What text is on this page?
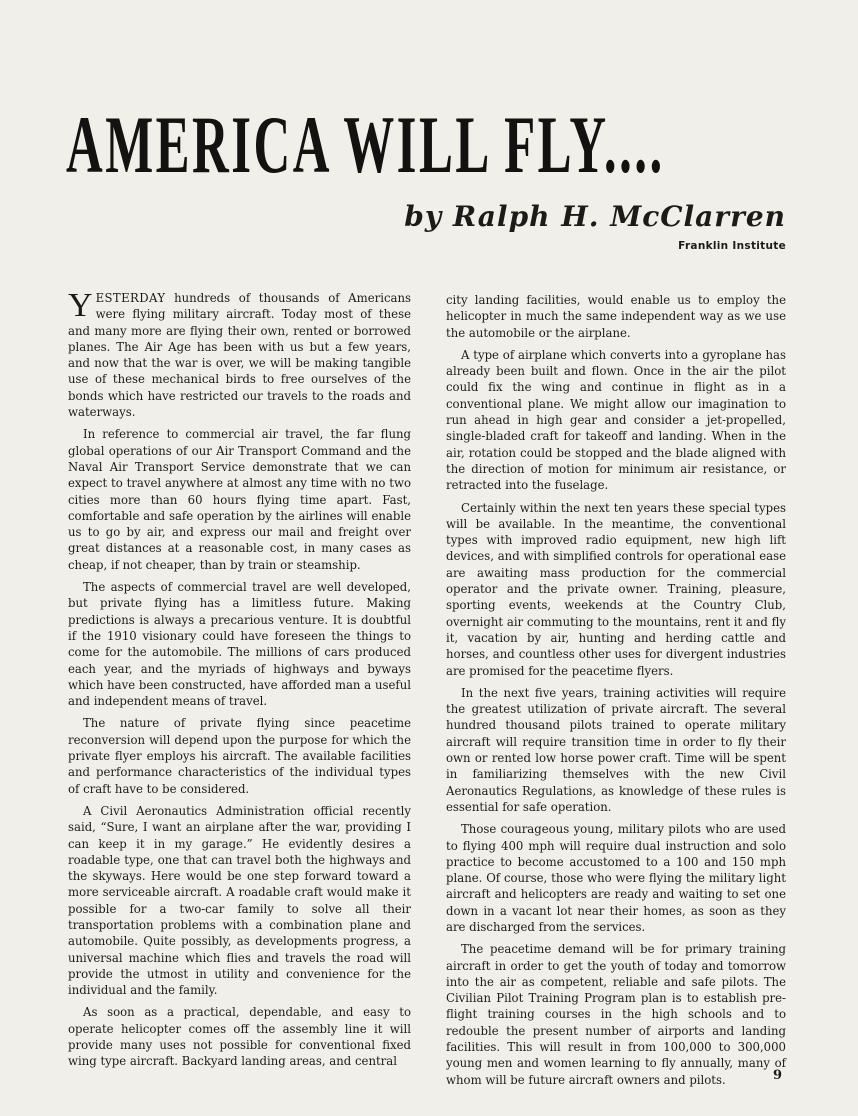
AMERICA WILL FLY....
by Ralph H. McClarren
Franklin Institute

YESTERDAY hundreds of thousands of Americans were flying military aircraft. Today most of these and many more are flying their own, rented or borrowed planes. The Air Age has been with us but a few years, and now that the war is over, we will be making tangible use of these mechanical birds to free ourselves of the bonds which have restricted our travels to the roads and waterways.

In reference to commercial air travel, the far flung global operations of our Air Transport Command and the Naval Air Transport Service demonstrate that we can expect to travel anywhere at almost any time with no two cities more than 60 hours flying time apart. Fast, comfortable and safe operation by the airlines will enable us to go by air, and express our mail and freight over great distances at a reasonable cost, in many cases as cheap, if not cheaper, than by train or steamship.

The aspects of commercial travel are well developed, but private flying has a limitless future. Making predictions is always a precarious venture. It is doubtful if the 1910 visionary could have foreseen the things to come for the automobile. The millions of cars produced each year, and the myriads of highways and byways which have been constructed, have afforded man a useful and independent means of travel.

The nature of private flying since peacetime reconversion will depend upon the purpose for which the private flyer employs his aircraft. The available facilities and performance characteristics of the individual types of craft have to be considered.

A Civil Aeronautics Administration official recently said, “Sure, I want an airplane after the war, providing I can keep it in my garage.” He evidently desires a roadable type, one that can travel both the highways and the skyways. Here would be one step forward toward a more serviceable aircraft. A roadable craft would make it possible for a two-car family to solve all their transportation problems with a combination plane and automobile. Quite possibly, as developments progress, a universal machine which flies and travels the road will provide the utmost in utility and convenience for the individual and the family.

As soon as a practical, dependable, and easy to operate helicopter comes off the assembly line it will provide many uses not possible for conventional fixed wing type aircraft. Backyard landing areas, and central

city landing facilities, would enable us to employ the helicopter in much the same independent way as we use the automobile or the airplane.

A type of airplane which converts into a gyroplane has already been built and flown. Once in the air the pilot could fix the wing and continue in flight as in a conventional plane. We might allow our imagination to run ahead in high gear and consider a jet-propelled, single-bladed craft for takeoff and landing. When in the air, rotation could be stopped and the blade aligned with the direction of motion for minimum air resistance, or retracted into the fuselage.

Certainly within the next ten years these special types will be available. In the meantime, the conventional types with improved radio equipment, new high lift devices, and with simplified controls for operational ease are awaiting mass production for the commercial operator and the private owner. Training, pleasure, sporting events, weekends at the Country Club, overnight air commuting to the mountains, rent it and fly it, vacation by air, hunting and herding cattle and horses, and countless other uses for divergent industries are promised for the peacetime flyers.

In the next five years, training activities will require the greatest utilization of private aircraft. The several hundred thousand pilots trained to operate military aircraft will require transition time in order to fly their own or rented low horse power craft. Time will be spent in familiarizing themselves with the new Civil Aeronautics Regulations, as knowledge of these rules is essential for safe operation.

Those courageous young, military pilots who are used to flying 400 mph will require dual instruction and solo practice to become accustomed to a 100 and 150 mph plane. Of course, those who were flying the military light aircraft and helicopters are ready and waiting to set one down in a vacant lot near their homes, as soon as they are discharged from the services.

The peacetime demand will be for primary training aircraft in order to get the youth of today and tomorrow into the air as competent, reliable and safe pilots. The Civilian Pilot Training Program plan is to establish pre-flight training courses in the high schools and to redouble the present number of airports and landing facilities. This will result in from 100,000 to 300,000 young men and women learning to fly annually, many of whom will be future aircraft owners and pilots.	9
